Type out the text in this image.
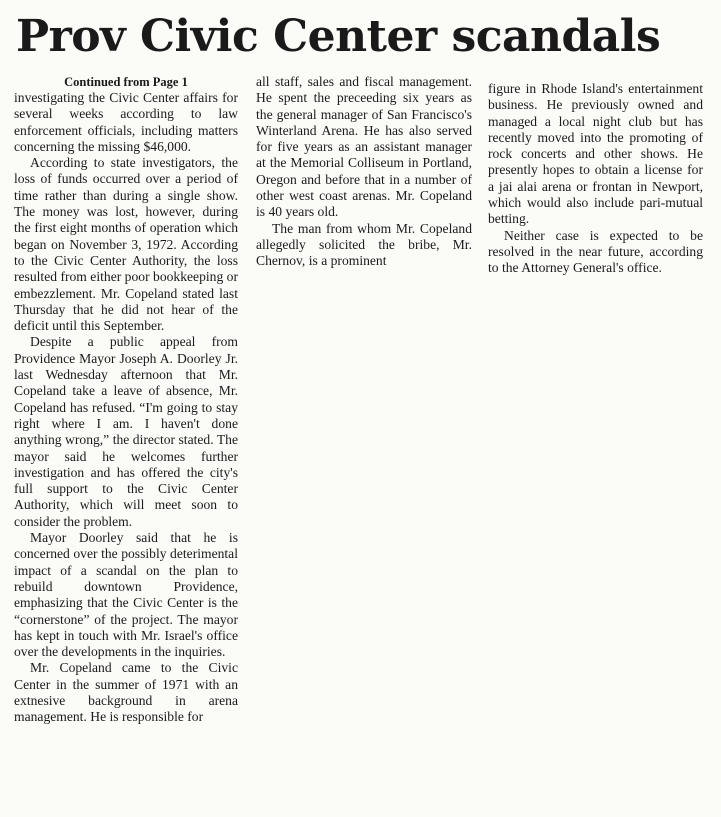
Prov Civic Center scandals
Continued from Page 1

investigating the Civic Center affairs for several weeks according to law enforcement officials, including matters concerning the missing $46,000.

According to state investigators, the loss of funds occurred over a period of time rather than during a single show. The money was lost, however, during the first eight months of operation which began on November 3, 1972. According to the Civic Center Authority, the loss resulted from either poor bookkeeping or embezzlement. Mr. Copeland stated last Thursday that he did not hear of the deficit until this September.

Despite a public appeal from Providence Mayor Joseph A. Doorley Jr. last Wednesday afternoon that Mr. Copeland take a leave of absence, Mr. Copeland has refused. “I'm going to stay right where I am. I haven't done anything wrong,” the director stated. The mayor said he welcomes further investigation and has offered the city's full support to the Civic Center Authority, which will meet soon to consider the problem.

Mayor Doorley said that he is concerned over the possibly deterimental impact of a scandal on the plan to rebuild downtown Providence, emphasizing that the Civic Center is the “cornerstone” of the project. The mayor has kept in touch with Mr. Israel's office over the developments in the inquiries.

Mr. Copeland came to the Civic Center in the summer of 1971 with an extnesive background in arena management. He is responsible for

all staff, sales and fiscal management. He spent the preceeding six years as the general manager of San Francisco's Winterland Arena. He has also served for five years as an assistant manager at the Memorial Colliseum in Portland, Oregon and before that in a number of other west coast arenas. Mr. Copeland is 40 years old.

The man from whom Mr. Copeland allegedly solicited the bribe, Mr. Chernov, is a prominent

figure in Rhode Island's entertainment business. He previously owned and managed a local night club but has recently moved into the promoting of rock concerts and other shows. He presently hopes to obtain a license for a jai alai arena or frontan in Newport, which would also include pari-mutual betting.

Neither case is expected to be resolved in the near future, according to the Attorney General's office.
